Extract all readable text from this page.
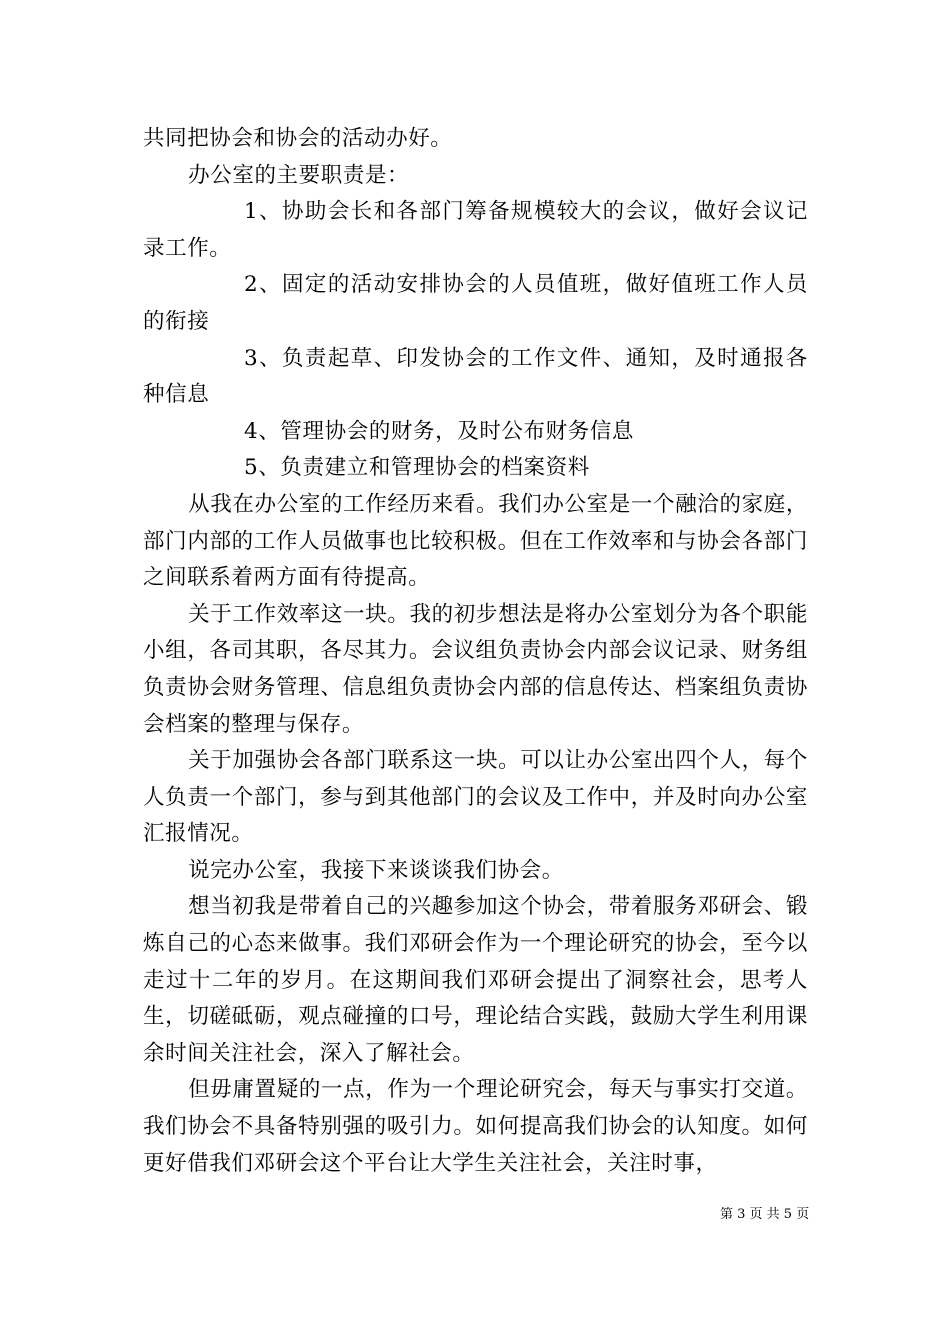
共同把协会和协会的活动办好。

办公室的主要职责是：

1、协助会长和各部门筹备规模较大的会议，做好会议记录工作。

2、固定的活动安排协会的人员值班，做好值班工作人员的衔接

3、负责起草、印发协会的工作文件、通知，及时通报各种信息

4、管理协会的财务，及时公布财务信息

5、负责建立和管理协会的档案资料

从我在办公室的工作经历来看。我们办公室是一个融洽的家庭，部门内部的工作人员做事也比较积极。但在工作效率和与协会各部门之间联系着两方面有待提高。

关于工作效率这一块。我的初步想法是将办公室划分为各个职能小组，各司其职，各尽其力。会议组负责协会内部会议记录、财务组负责协会财务管理、信息组负责协会内部的信息传达、档案组负责协会档案的整理与保存。

关于加强协会各部门联系这一块。可以让办公室出四个人，每个人负责一个部门，参与到其他部门的会议及工作中，并及时向办公室汇报情况。

说完办公室，我接下来谈谈我们协会。

想当初我是带着自己的兴趣参加这个协会，带着服务邓研会、锻炼自己的心态来做事。我们邓研会作为一个理论研究的协会，至今以走过十二年的岁月。在这期间我们邓研会提出了洞察社会，思考人生，切磋砥砺，观点碰撞的口号，理论结合实践，鼓励大学生利用课余时间关注社会，深入了解社会。

但毋庸置疑的一点，作为一个理论研究会，每天与事实打交道。我们协会不具备特别强的吸引力。如何提高我们协会的认知度。如何更好借我们邓研会这个平台让大学生关注社会，关注时事，

第 3 页 共 5 页
